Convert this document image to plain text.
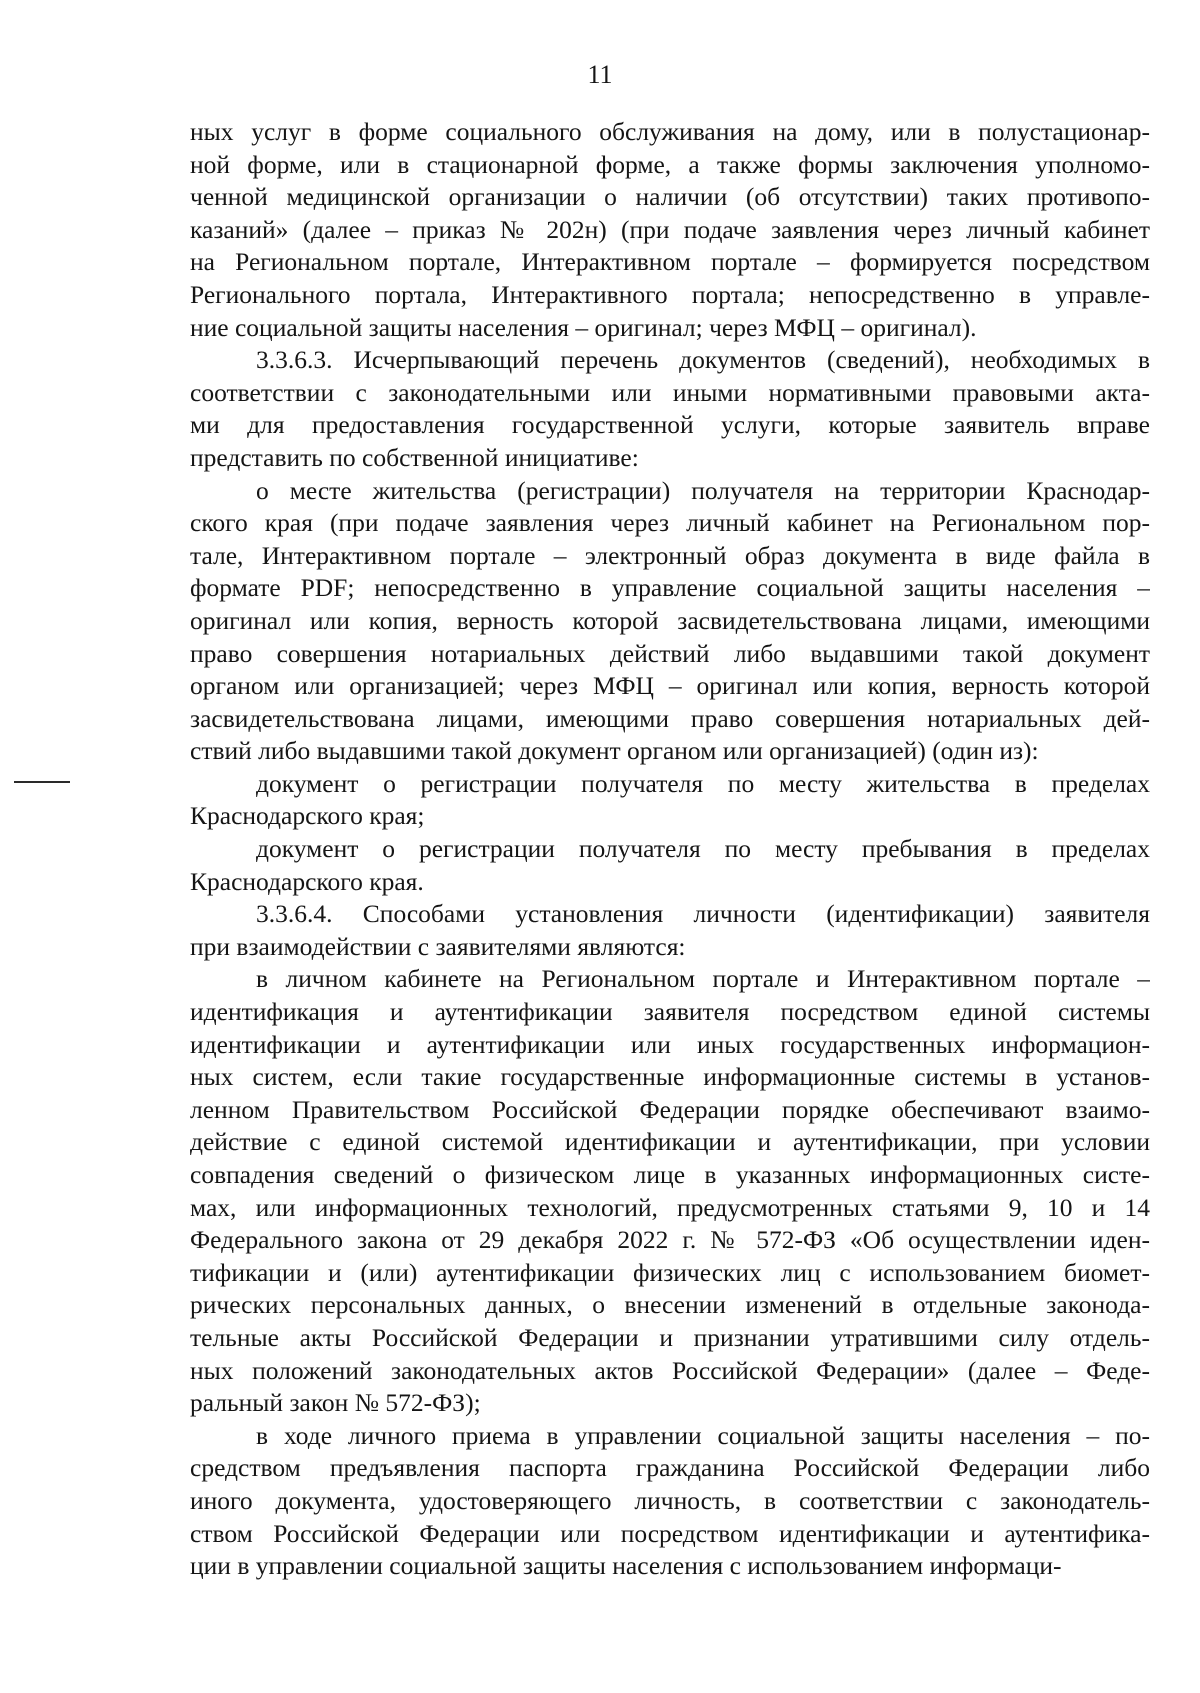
11
ных услуг в форме социального обслуживания на дому, или в полустационар-
ной форме, или в стационарной форме, а также формы заключения уполномо-
ченной медицинской организации о наличии (об отсутствии) таких противопо-
казаний» (далее – приказ № 202н) (при подаче заявления через личный кабинет
на Региональном портале, Интерактивном портале – формируется посредством
Регионального портала, Интерактивного портала; непосредственно в управле-
ние социальной защиты населения – оригинал; через МФЦ – оригинал).
3.3.6.3. Исчерпывающий перечень документов (сведений), необходимых в
соответствии с законодательными или иными нормативными правовыми акта-
ми для предоставления государственной услуги, которые заявитель вправе
представить по собственной инициативе:
о месте жительства (регистрации) получателя на территории Краснодар-
ского края (при подаче заявления через личный кабинет на Региональном пор-
тале, Интерактивном портале – электронный образ документа в виде файла в
формате PDF; непосредственно в управление социальной защиты населения –
оригинал или копия, верность которой засвидетельствована лицами, имеющими
право совершения нотариальных действий либо выдавшими такой документ
органом или организацией; через МФЦ – оригинал или копия, верность которой
засвидетельствована лицами, имеющими право совершения нотариальных дей-
ствий либо выдавшими такой документ органом или организацией) (один из):
документ о регистрации получателя по месту жительства в пределах
Краснодарского края;
документ о регистрации получателя по месту пребывания в пределах
Краснодарского края.
3.3.6.4. Способами установления личности (идентификации) заявителя
при взаимодействии с заявителями являются:
в личном кабинете на Региональном портале и Интерактивном портале –
идентификация и аутентификации заявителя посредством единой системы
идентификации и аутентификации или иных государственных информацион-
ных систем, если такие государственные информационные системы в установ-
ленном Правительством Российской Федерации порядке обеспечивают взаимо-
действие с единой системой идентификации и аутентификации, при условии
совпадения сведений о физическом лице в указанных информационных систе-
мах, или информационных технологий, предусмотренных статьями 9, 10 и 14
Федерального закона от 29 декабря 2022 г. № 572-ФЗ «Об осуществлении иден-
тификации и (или) аутентификации физических лиц с использованием биомет-
рических персональных данных, о внесении изменений в отдельные законода-
тельные акты Российской Федерации и признании утратившими силу отдель-
ных положений законодательных актов Российской Федерации» (далее – Феде-
ральный закон № 572-ФЗ);
в ходе личного приема в управлении социальной защиты населения – по-
средством предъявления паспорта гражданина Российской Федерации либо
иного документа, удостоверяющего личность, в соответствии с законодатель-
ством Российской Федерации или посредством идентификации и аутентифика-
ции в управлении социальной защиты населения с использованием информаци-
